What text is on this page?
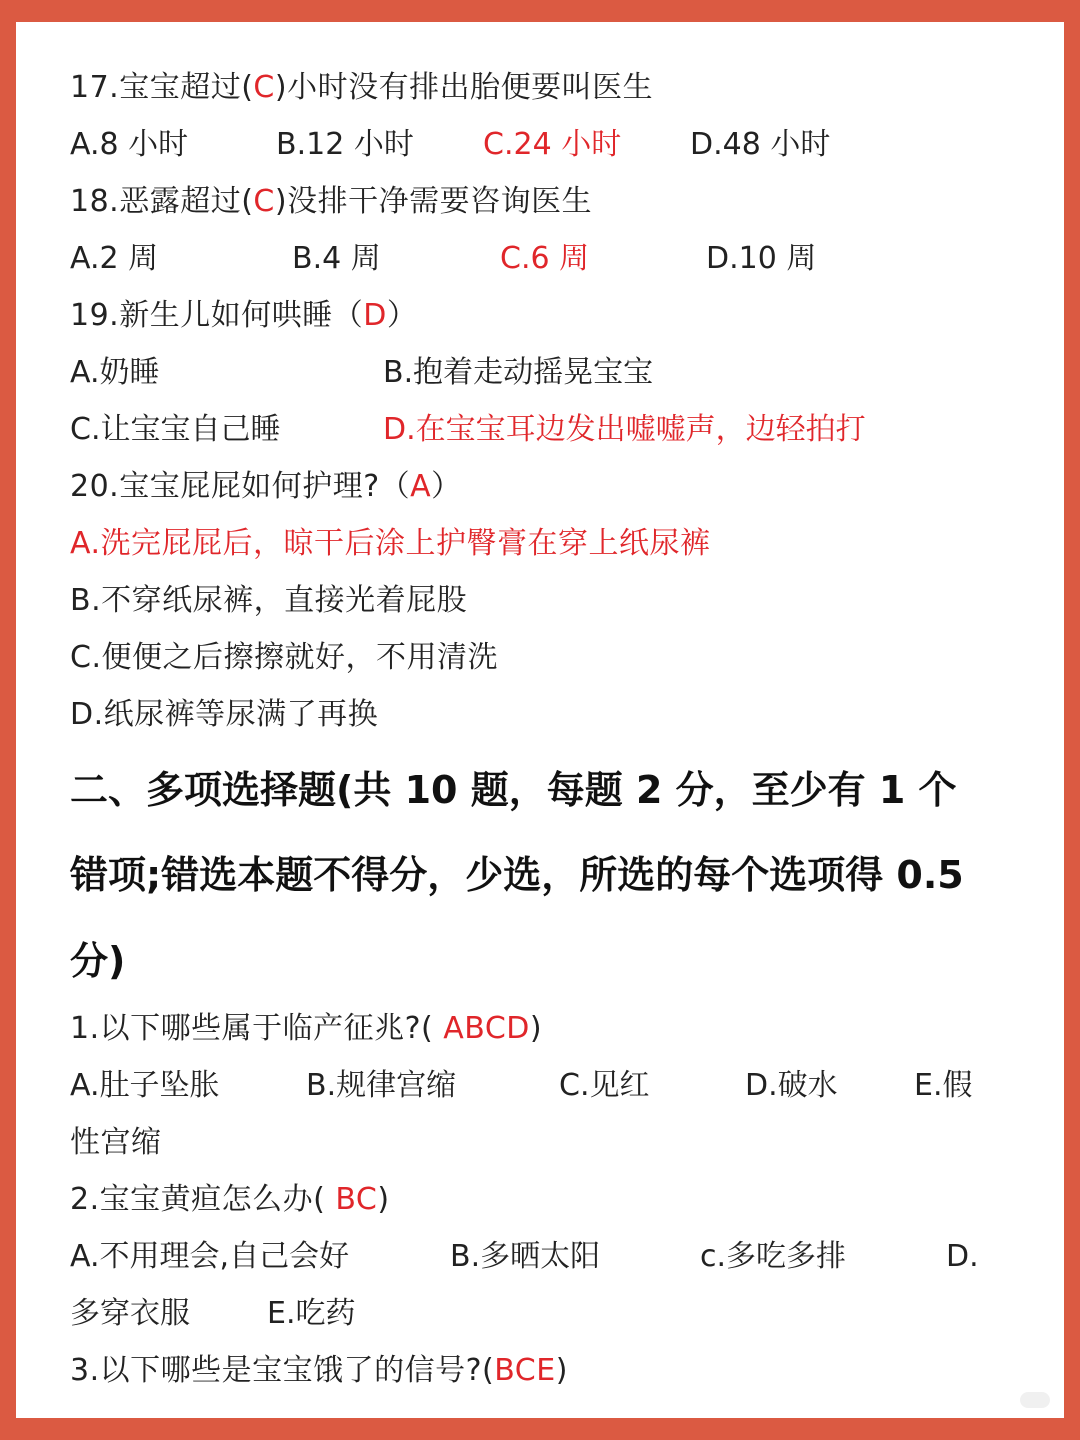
17.宝宝超过(C)小时没有排出胎便要叫医生
A.8 小时	B.12 小时 C.24 小时 D.48 小时
18.恶露超过(C)没排干净需要咨询医生
A.2 周	B.4 周	C.6 周	D.10 周
19.新生儿如何哄睡（D）
A.奶睡	B.抱着走动摇晃宝宝
C.让宝宝自己睡	D.在宝宝耳边发出嘘嘘声，边轻拍打
20.宝宝屁屁如何护理?（A）
A.洗完屁屁后，晾干后涂上护臀膏在穿上纸尿裤
B.不穿纸尿裤，直接光着屁股
C.便便之后擦擦就好，不用清洗
D.纸尿裤等尿满了再换
二、多项选择题(共 10 题，每题 2 分，至少有 1 个
错项;错选本题不得分，少选，所选的每个选项得 0.5
分)
1.以下哪些属于临产征兆?( ABCD)
A.肚子坠胀	B.规律宫缩	C.见红	D.破水	E.假
性宫缩
2.宝宝黄疸怎么办( BC)
A.不用理会,自己会好	B.多晒太阳	c.多吃多排	D.
多穿衣服	E.吃药
3.以下哪些是宝宝饿了的信号?(BCE)
